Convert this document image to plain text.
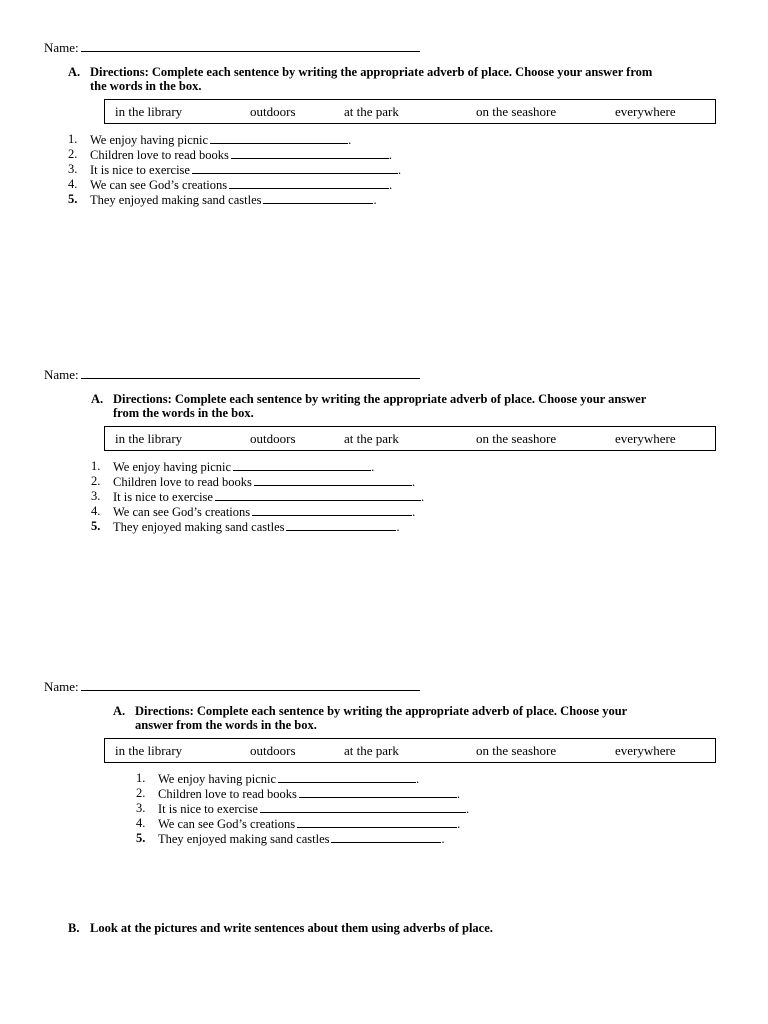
Name:
A. Directions: Complete each sentence by writing the appropriate adverb of place. Choose your answer from
the words in the box.
in the library	outdoors	at the park	on the seashore	everywhere
1.	We enjoy having picnic	.
2.	Children love to read books	.
3.	It is nice to exercise	.
4.	We can see God’s creations	.
5.	They enjoyed making sand castles	.
Name:
A. Directions: Complete each sentence by writing the appropriate adverb of place. Choose your answer
from the words in the box.
in the library	outdoors	at the park	on the seashore	everywhere
1.	We enjoy having picnic	.
2.	Children love to read books	.
3.	It is nice to exercise	.
4.	We can see God’s creations	.
5.	They enjoyed making sand castles	.
Name:
A. Directions: Complete each sentence by writing the appropriate adverb of place. Choose your
answer from the words in the box.
in the library	outdoors	at the park	on the seashore	everywhere
1.	We enjoy having picnic	.
2.	Children love to read books	.
3.	It is nice to exercise	.
4.	We can see God’s creations	.
5.	They enjoyed making sand castles	.
B. Look at the pictures and write sentences about them using adverbs of place.
